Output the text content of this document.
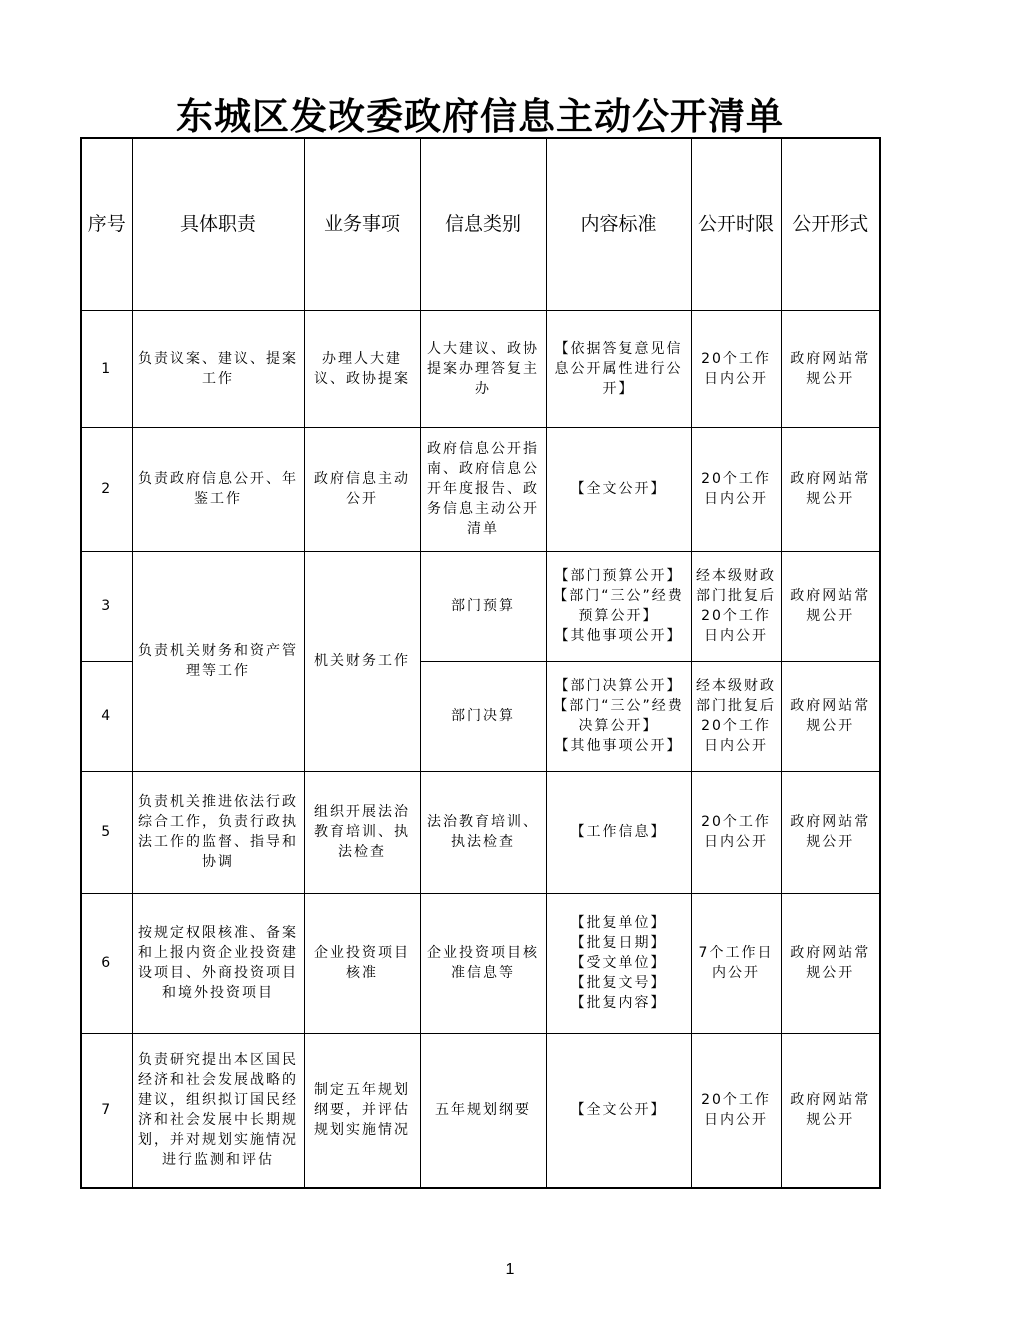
东城区发改委政府信息主动公开清单
序号	具体职责	业务事项	信息类别	内容标准	公开时限	公开形式
1	负责议案、建议、提案工作	办理人大建议、政协提案	人大建议、政协提案办理答复主办	【依据答复意见信息公开属性进行公开】	20个工作日内公开	政府网站常规公开
2	负责政府信息公开、年鉴工作	政府信息主动公开	政府信息公开指南、政府信息公开年度报告、政务信息主动公开清单	【全文公开】	20个工作日内公开	政府网站常规公开
3	负责机关财务和资产管理等工作	机关财务工作	部门预算	【部门预算公开】
【部门“三公”经费预算公开】
【其他事项公开】	经本级财政部门批复后20个工作日内公开	政府网站常规公开
4			部门决算	【部门决算公开】
【部门“三公”经费决算公开】
【其他事项公开】	经本级财政部门批复后20个工作日内公开	政府网站常规公开
5	负责机关推进依法行政综合工作，负责行政执法工作的监督、指导和协调	组织开展法治教育培训、执法检查	法治教育培训、执法检查	【工作信息】	20个工作日内公开	政府网站常规公开
6	按规定权限核准、备案和上报内资企业投资建设项目、外商投资项目和境外投资项目	企业投资项目核准	企业投资项目核准信息等	【批复单位】
【批复日期】
【受文单位】
【批复文号】
【批复内容】	7个工作日内公开	政府网站常规公开
7	负责研究提出本区国民经济和社会发展战略的建议，组织拟订国民经济和社会发展中长期规划，并对规划实施情况进行监测和评估	制定五年规划纲要，并评估规划实施情况	五年规划纲要	【全文公开】	20个工作日内公开	政府网站常规公开
1
